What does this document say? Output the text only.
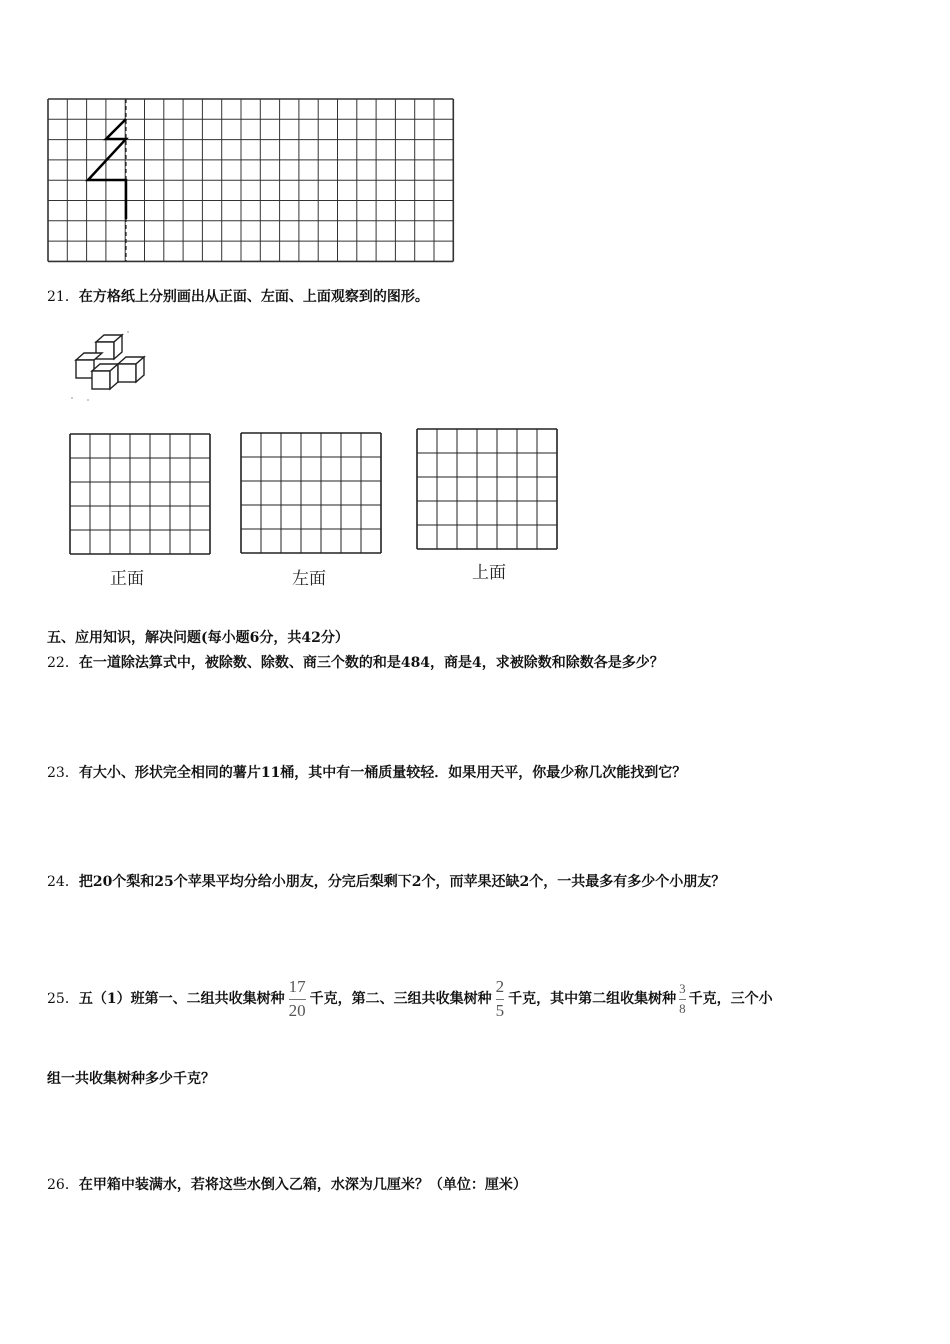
21．在方格纸上分别画出从正面、左面、上面观察到的图形。
正面	左面	上面
五、应用知识，解决问题(每小题6分，共42分）
22．在一道除法算式中，被除数、除数、商三个数的和是484，商是4，求被除数和除数各是多少？
23．有大小、形状完全相同的薯片11桶，其中有一桶质量较轻．如果用天平，你最少称几次能找到它？
24．把20个梨和25个苹果平均分给小朋友，分完后梨剩下2个，而苹果还缺2个，一共最多有多少个小朋友？
25．五（1）班第一、二组共收集树种 $\frac{17}{20}$ 千克，第二、三组共收集树种 $\frac{2}{5}$ 千克，其中第二组收集树种 $\frac{3}{8}$ 千克，三个小
组一共收集树种多少千克？
26．在甲箱中装满水，若将这些水倒入乙箱，水深为几厘米？（单位：厘米）
